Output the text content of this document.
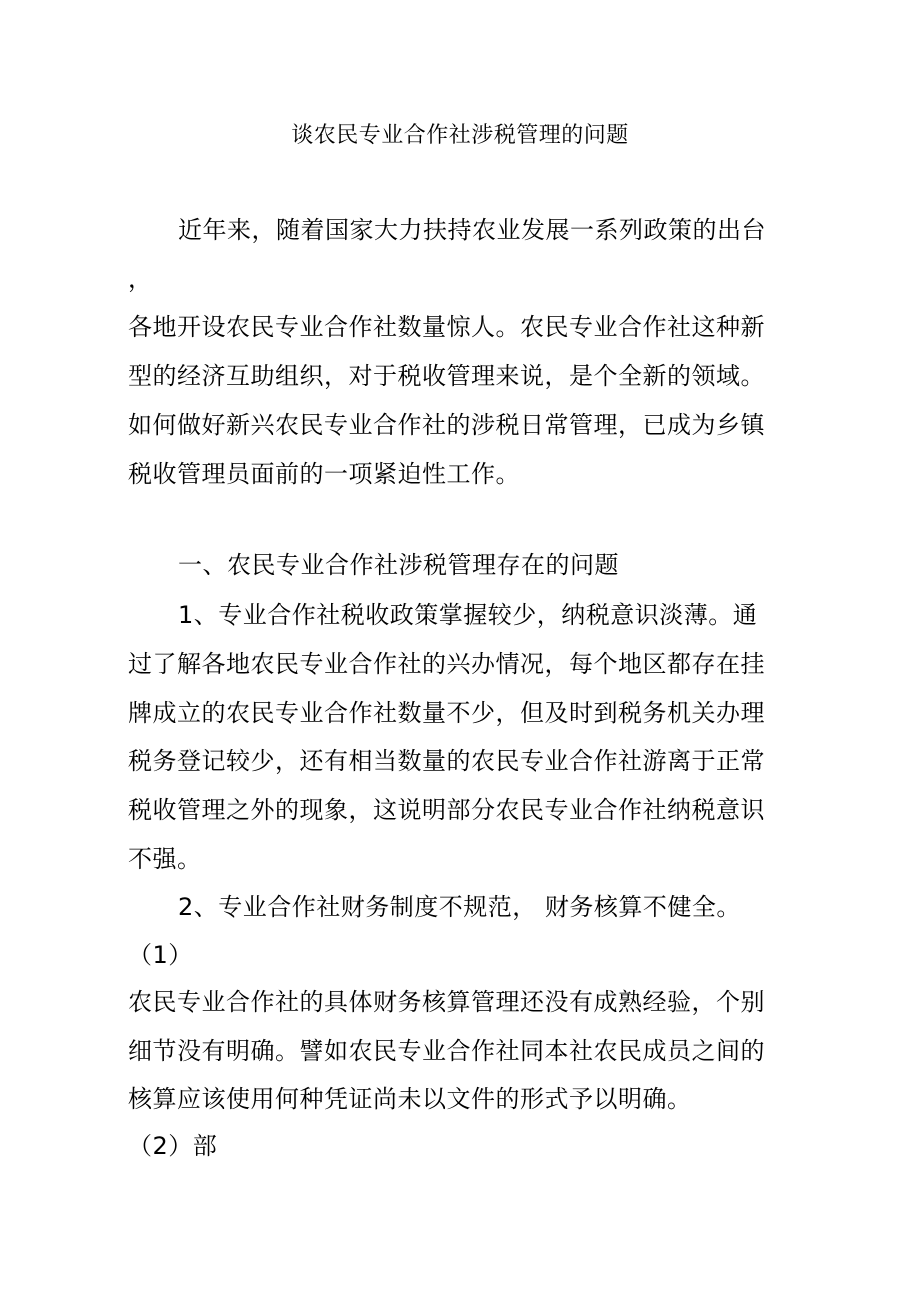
谈农民专业合作社涉税管理的问题
近年来，随着国家大力扶持农业发展一系列政策的出台
，
各地开设农民专业合作社数量惊人。农民专业合作社这种新
型的经济互助组织，对于税收管理来说，是个全新的领域。
如何做好新兴农民专业合作社的涉税日常管理，已成为乡镇
税收管理员面前的一项紧迫性工作。
一、农民专业合作社涉税管理存在的问题
1、专业合作社税收政策掌握较少，纳税意识淡薄。通
过了解各地农民专业合作社的兴办情况，每个地区都存在挂
牌成立的农民专业合作社数量不少，但及时到税务机关办理
税务登记较少，还有相当数量的农民专业合作社游离于正常
税收管理之外的现象，这说明部分农民专业合作社纳税意识
不强。
2、专业合作社财务制度不规范， 财务核算不健全。
（1）
农民专业合作社的具体财务核算管理还没有成熟经验，个别
细节没有明确。譬如农民专业合作社同本社农民成员之间的
核算应该使用何种凭证尚未以文件的形式予以明确。
（2）部
